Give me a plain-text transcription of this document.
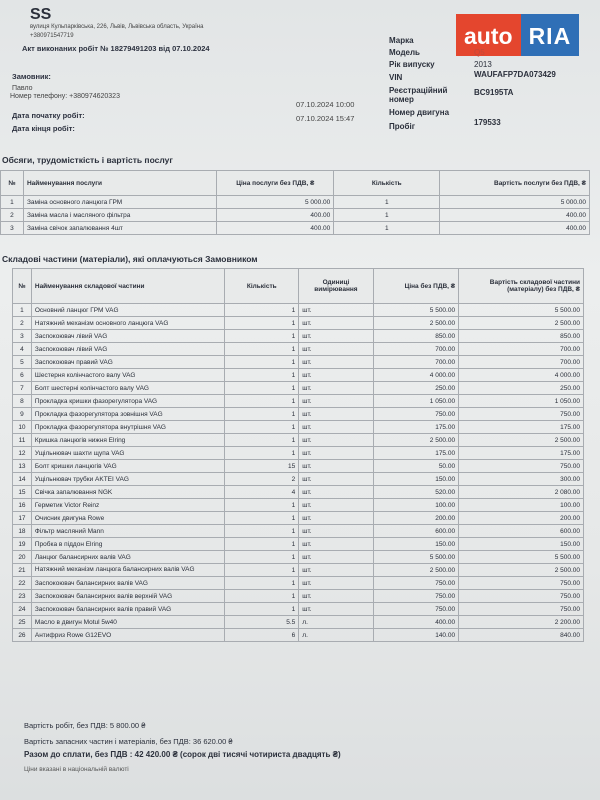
auto RIA
SS
вулиця Кульпарківська, 226, Львів, Львівська область, Україна
+380971547719
Акт виконаних робіт № 18279491203 від 07.10.2024
Замовник:
Павло
Номер телефону: +380974620323
Дата початку робіт:
07.10.2024 10:00
Дата кінця робіт:
07.10.2024 15:47
Марка
Модель	Q5
Рік випуску	2013
VIN	WAUFAFP7DA073429
Реєстраційний номер
BC9195TA
Номер двигуна
Пробіг	179533
Обсяги, трудомісткість і вартість послуг
№	Найменування послуги	Ціна послуги без ПДВ, ₴	Кількість	Вартість послуги без ПДВ, ₴
1	Заміна основного ланцюга ГРМ	5 000.00	1	5 000.00
2	Заміна масла і масляного фільтра	400.00	1	400.00
3	Заміна свічок запалювання 4шт	400.00	1	400.00
Складові частини (матеріали), які оплачуються Замовником
№	Найменування складової частини	Кількість	Одиниці вимірювання	Ціна без ПДВ, ₴	Вартість складової частини (матеріалу) без ПДВ, ₴
1	Основний ланцюг ГРМ VAG	1	шт.	5 500.00	5 500.00
2	Натяжний механізм основного ланцюга VAG	1	шт.	2 500.00	2 500.00
3	Заспокоювач лівий VAG	1	шт.	850.00	850.00
4	Заспокоювач лівий VAG	1	шт.	700.00	700.00
5	Заспокоювач правий VAG	1	шт.	700.00	700.00
6	Шестерня колінчастого валу VAG	1	шт.	4 000.00	4 000.00
7	Болт шестерні колінчастого валу VAG	1	шт.	250.00	250.00
8	Прокладка кришки фазорегулятора VAG	1	шт.	1 050.00	1 050.00
9	Прокладка фазорегулятора зовнішня VAG	1	шт.	750.00	750.00
10	Прокладка фазорегулятора внутрішня VAG	1	шт.	175.00	175.00
11	Кришка ланцюгів нижня Elring	1	шт.	2 500.00	2 500.00
12	Ущільнювач шахти щупа VAG	1	шт.	175.00	175.00
13	Болт кришки ланцюгів VAG	15	шт.	50.00	750.00
14	Ущільнювач трубки AKTEI VAG	2	шт.	150.00	300.00
15	Свічка запалювання NGK	4	шт.	520.00	2 080.00
16	Герметик Victor Reinz	1	шт.	100.00	100.00
17	Очисник двигуна Rowe	1	шт.	200.00	200.00
18	Фільтр масляний Mann	1	шт.	600.00	600.00
19	Пробка в піддон Elring	1	шт.	150.00	150.00
20	Ланцюг балансирних валів VAG	1	шт.	5 500.00	5 500.00
21	Натяжний механізм ланцюга балансирних валів VAG	1	шт.	2 500.00	2 500.00
22	Заспокоювач балансирних валів VAG	1	шт.	750.00	750.00
23	Заспокоювач балансирних валів верхній VAG	1	шт.	750.00	750.00
24	Заспокоювач балансирних валів правий VAG	1	шт.	750.00	750.00
25	Масло в двигун Motul 5w40	5.5	л.	400.00	2 200.00
26	Антифриз Rowe G12EVO	6	л.	140.00	840.00
Вартість робіт, без ПДВ: 5 800.00 ₴
Вартість запасних частин і матеріалів, без ПДВ: 36 620.00 ₴
Разом до сплати, без ПДВ : 42 420.00 ₴ (сорок дві тисячі чотириста двадцять ₴)
Ціни вказані в національній валюті
